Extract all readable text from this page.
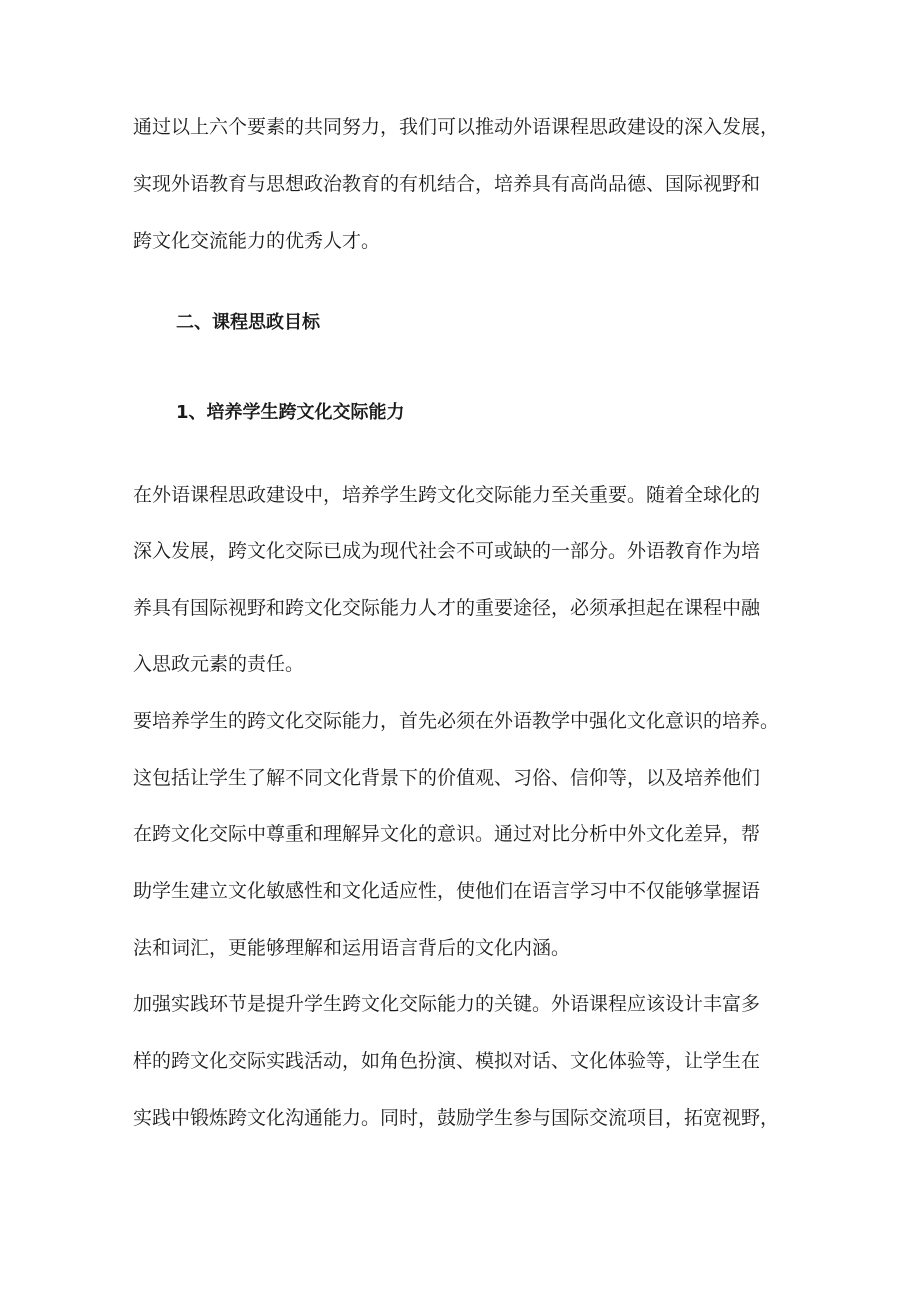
通过以上六个要素的共同努力，我们可以推动外语课程思政建设的深入发展，
实现外语教育与思想政治教育的有机结合，培养具有高尚品德、国际视野和
跨文化交流能力的优秀人才。
二、课程思政目标
1、培养学生跨文化交际能力
在外语课程思政建设中，培养学生跨文化交际能力至关重要。随着全球化的
深入发展，跨文化交际已成为现代社会不可或缺的一部分。外语教育作为培
养具有国际视野和跨文化交际能力人才的重要途径，必须承担起在课程中融
入思政元素的责任。
要培养学生的跨文化交际能力，首先必须在外语教学中强化文化意识的培养。
这包括让学生了解不同文化背景下的价值观、习俗、信仰等，以及培养他们
在跨文化交际中尊重和理解异文化的意识。通过对比分析中外文化差异，帮
助学生建立文化敏感性和文化适应性，使他们在语言学习中不仅能够掌握语
法和词汇，更能够理解和运用语言背后的文化内涵。
加强实践环节是提升学生跨文化交际能力的关键。外语课程应该设计丰富多
样的跨文化交际实践活动，如角色扮演、模拟对话、文化体验等，让学生在
实践中锻炼跨文化沟通能力。同时，鼓励学生参与国际交流项目，拓宽视野，
